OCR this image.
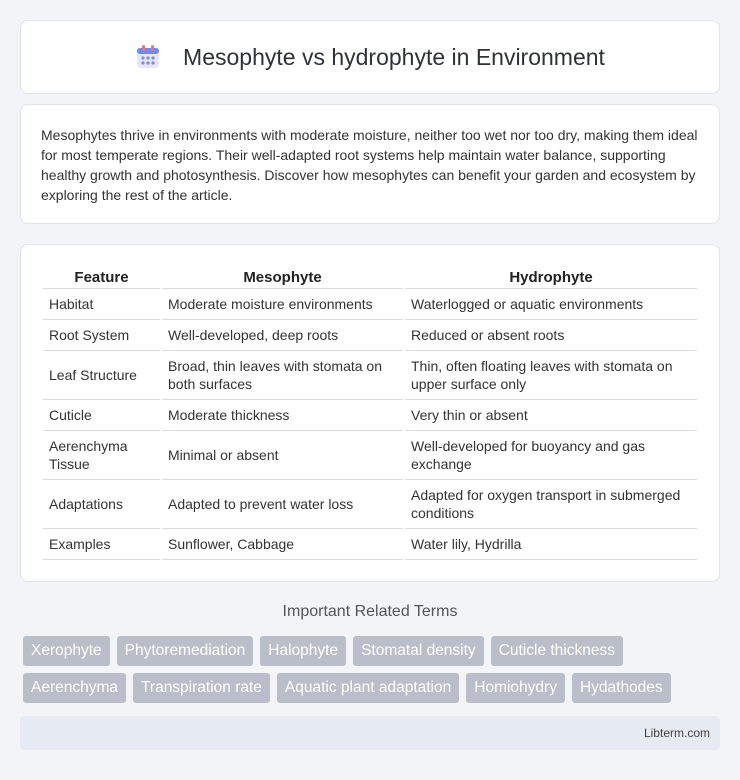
Mesophyte vs hydrophyte in Environment

Mesophytes thrive in environments with moderate moisture, neither too wet nor too dry, making them ideal for most temperate regions. Their well-adapted root systems help maintain water balance, supporting healthy growth and photosynthesis. Discover how mesophytes can benefit your garden and ecosystem by exploring the rest of the article.

Feature	Mesophyte	Hydrophyte
Habitat	Moderate moisture environments	Waterlogged or aquatic environments
Root System	Well-developed, deep roots	Reduced or absent roots
Leaf Structure	Broad, thin leaves with stomata on both surfaces	Thin, often floating leaves with stomata on upper surface only
Cuticle	Moderate thickness	Very thin or absent
Aerenchyma Tissue	Minimal or absent	Well-developed for buoyancy and gas exchange
Adaptations	Adapted to prevent water loss	Adapted for oxygen transport in submerged conditions
Examples	Sunflower, Cabbage	Water lily, Hydrilla
Important Related Terms
Xerophyte	Phytoremediation	Halophyte	Stomatal density	Cuticle thickness
Aerenchyma	Transpiration rate	Aquatic plant adaptation	Homiohydry	Hydathodes
Libterm.com
